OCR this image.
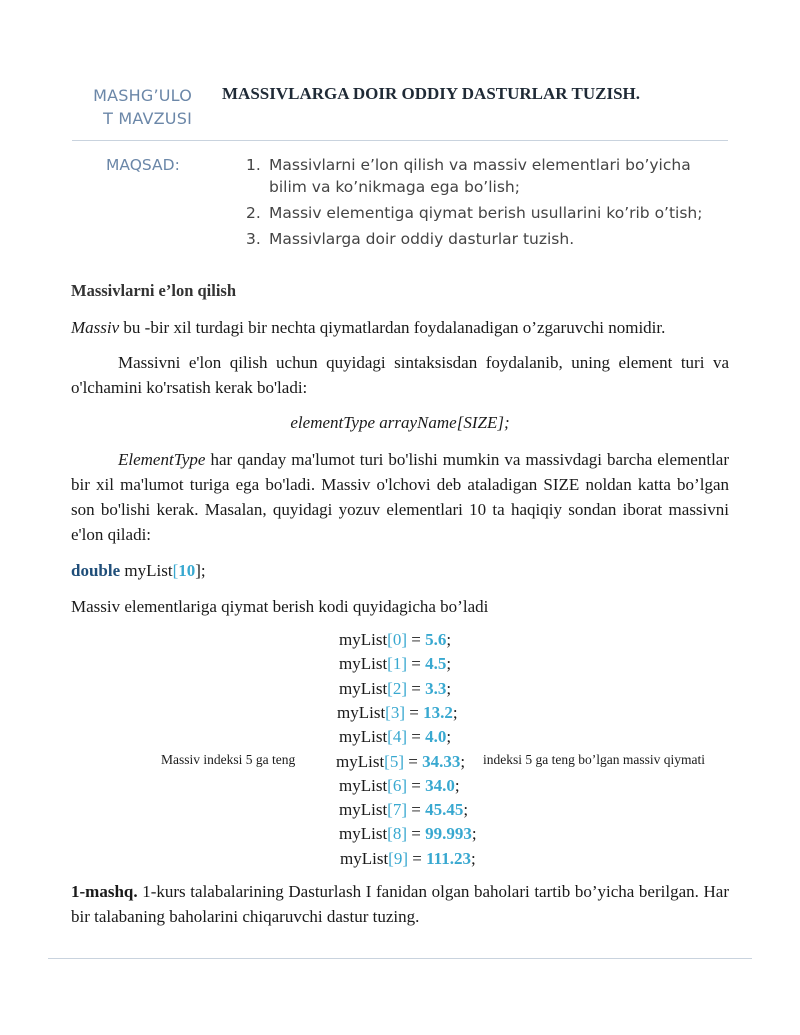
MASHG’ULO
T MAVZUSI
MASSIVLARGA DOIR ODDIY DASTURLAR TUZISH.
MAQSAD:	1. Massivlarni e’lon qilish va massiv elementlari bo’yicha bilim va ko’nikmaga ega bo’lish;
2. Massiv elementiga qiymat berish usullarini ko’rib o’tish;
3. Massivlarga doir oddiy dasturlar tuzish.
Massivlarni e’lon qilish
Massiv bu -bir xil turdagi bir nechta qiymatlardan foydalanadigan o’zgaruvchi nomidir.
Massivni e'lon qilish uchun quyidagi sintaksisdan foydalanib, uning element turi va o'lchamini ko'rsatish kerak bo'ladi:
elementType arrayName[SIZE];
ElementType har qanday ma'lumot turi bo'lishi mumkin va massivdagi barcha elementlar bir xil ma'lumot turiga ega bo'ladi. Massiv o'lchovi deb ataladigan SIZE noldan katta bo’lgan son bo'lishi kerak. Masalan, quyidagi yozuv elementlari 10 ta haqiqiy sondan iborat massivni e'lon qiladi:
double myList[10];
Massiv elementlariga qiymat berish kodi quyidagicha bo’ladi
myList[0] = 5.6;
myList[1] = 4.5;
myList[2] = 3.3;
myList[3] = 13.2;
myList[4] = 4.0;
myList[5] = 34.33;
myList[6] = 34.0;
myList[7] = 45.45;
myList[8] = 99.993;
myList[9] = 111.23;
Massiv indeksi 5 ga teng	indeksi 5 ga teng bo’lgan massiv qiymati
1-mashq. 1-kurs talabalarining Dasturlash I fanidan olgan baholari tartib bo’yicha berilgan. Har bir talabaning baholarini chiqaruvchi dastur tuzing.
